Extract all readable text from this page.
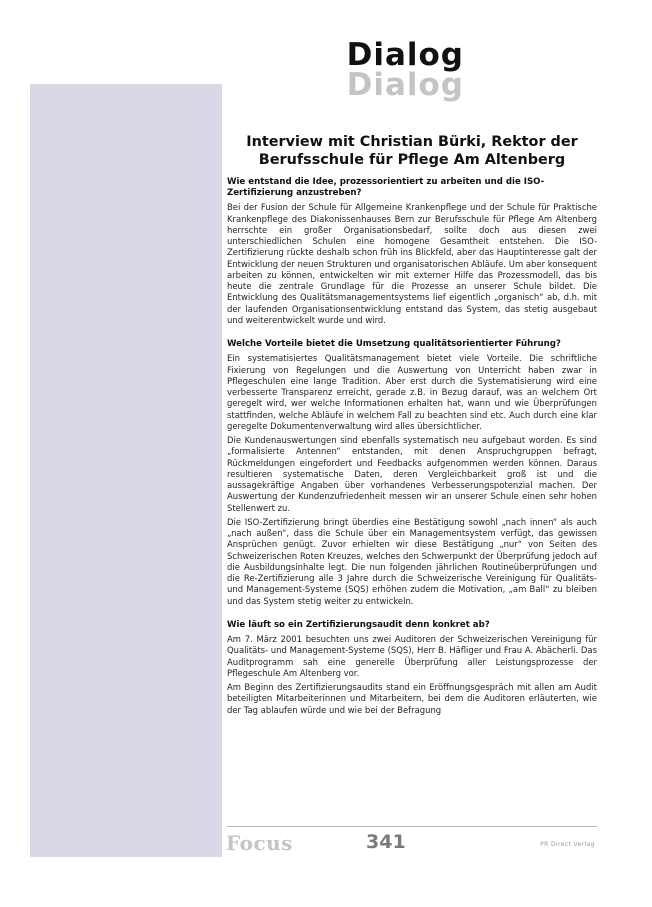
Dialog
Dialog
Interview mit Christian Bürki, Rektor der Berufsschule für Pflege Am Altenberg
Wie entstand die Idee, prozessorientiert zu arbeiten und die ISO-Zertifizierung anzustreben?

Bei der Fusion der Schule für Allgemeine Krankenpflege und der Schule für Praktische Krankenpflege des Diakonissenhauses Bern zur Berufsschule für Pflege Am Altenberg herrschte ein großer Organisationsbedarf, sollte doch aus diesen zwei unterschiedlichen Schulen eine homogene Gesamtheit entstehen. Die ISO-Zertifizierung rückte deshalb schon früh ins Blickfeld, aber das Hauptinteresse galt der Entwicklung der neuen Strukturen und organisatorischen Abläufe. Um aber konsequent arbeiten zu können, entwickelten wir mit externer Hilfe das Prozessmodell, das bis heute die zentrale Grundlage für die Prozesse an unserer Schule bildet. Die Entwicklung des Qualitätsmanagementsystems lief eigentlich „organisch“ ab, d.h. mit der laufenden Organisationsentwicklung entstand das System, das stetig ausgebaut und weiterentwickelt wurde und wird.

Welche Vorteile bietet die Umsetzung qualitätsorientierter Führung?

Ein systematisiertes Qualitätsmanagement bietet viele Vorteile. Die schriftliche Fixierung von Regelungen und die Auswertung von Unterricht haben zwar in Pflegeschulen eine lange Tradition. Aber erst durch die Systematisierung wird eine verbesserte Transparenz erreicht, gerade z.B. in Bezug darauf, was an welchem Ort geregelt wird, wer welche Informationen erhalten hat, wann und wie Überprüfungen stattfinden, welche Abläufe in welchem Fall zu beachten sind etc. Auch durch eine klar geregelte Dokumentenverwaltung wird alles übersichtlicher.

Die Kundenauswertungen sind ebenfalls systematisch neu aufgebaut worden. Es sind „formalisierte Antennen“ entstanden, mit denen Anspruchgruppen befragt, Rückmeldungen eingefordert und Feedbacks aufgenommen werden können. Daraus resultieren systematische Daten, deren Vergleichbarkeit groß ist und die aussagekräftige Angaben über vorhandenes Verbesserungspotenzial machen. Der Auswertung der Kundenzufriedenheit messen wir an unserer Schule einen sehr hohen Stellenwert zu.

Die ISO-Zertifizierung bringt überdies eine Bestätigung sowohl „nach innen“ als auch „nach außen“, dass die Schule über ein Managementsystem verfügt, das gewissen Ansprüchen genügt. Zuvor erhielten wir diese Bestätigung „nur“ von Seiten des Schweizerischen Roten Kreuzes, welches den Schwerpunkt der Überprüfung jedoch auf die Ausbildungsinhalte legt. Die nun folgenden jährlichen Routineüberprüfungen und die Re-Zertifizierung alle 3 Jahre durch die Schweizerische Vereinigung für Qualitäts- und Management-Systeme (SQS) erhöhen zudem die Motivation, „am Ball“ zu bleiben und das System stetig weiter zu entwickeln.

Wie läuft so ein Zertifizierungsaudit denn konkret ab?

Am 7. März 2001 besuchten uns zwei Auditoren der Schweizerischen Vereinigung für Qualitäts- und Management-Systeme (SQS), Herr B. Häfliger und Frau A. Abächerli. Das Auditprogramm sah eine generelle Überprüfung aller Leistungsprozesse der Pflegeschule Am Altenberg vor.

Am Beginn des Zertifizierungsaudits stand ein Eröffnungsgespräch mit allen am Audit beteiligten Mitarbeiterinnen und Mitarbeitern, bei dem die Auditoren erläuterten, wie der Tag ablaufen würde und wie bei der Befragung

Focus	341	PR Direct Verlag
